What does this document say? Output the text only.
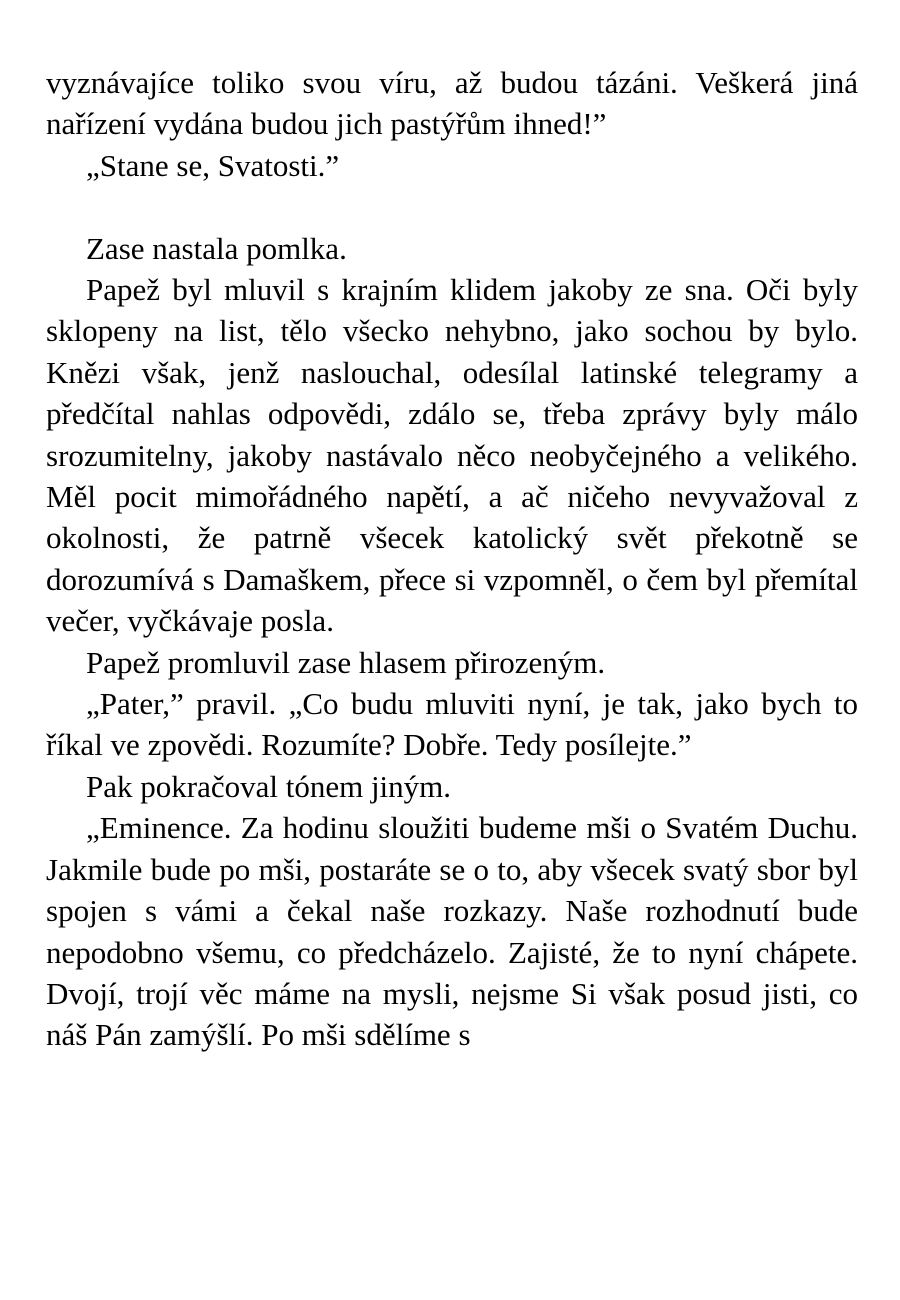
vyznávajíce toliko svou víru, až budou tázáni. Veškerá jiná nařízení vydána budou jich pastýřům ihned!”

„Stane se, Svatosti.”

Zase nastala pomlka.

Papež byl mluvil s krajním klidem jakoby ze sna. Oči byly sklopeny na list, tělo všecko nehybno, jako sochou by bylo. Knězi však, jenž naslouchal, odesílal latinské telegramy a předčítal nahlas odpovědi, zdálo se, třeba zprávy byly málo srozumitelny, jakoby nastávalo něco neobyčejného a velikého. Měl pocit mimořádného napětí, a ač ničeho nevyvažoval z okolnosti, že patrně všecek katolický svět překotně se dorozumívá s Damaškem, přece si vzpomněl, o čem byl přemítal večer, vyčkávaje posla.

Papež promluvil zase hlasem přirozeným.

„Pater,” pravil. „Co budu mluviti nyní, je tak, jako bych to říkal ve zpovědi. Rozumíte? Dobře. Tedy posílejte.”

Pak pokračoval tónem jiným.

„Eminence. Za hodinu sloužiti budeme mši o Svatém Duchu. Jakmile bude po mši, postaráte se o to, aby všecek svatý sbor byl spojen s vámi a čekal naše rozkazy. Naše rozhodnutí bude nepodobno všemu, co předcházelo. Zajisté, že to nyní chápete. Dvojí, trojí věc máme na mysli, nejsme Si však posud jisti, co náš Pán zamýšlí. Po mši sdělíme s
